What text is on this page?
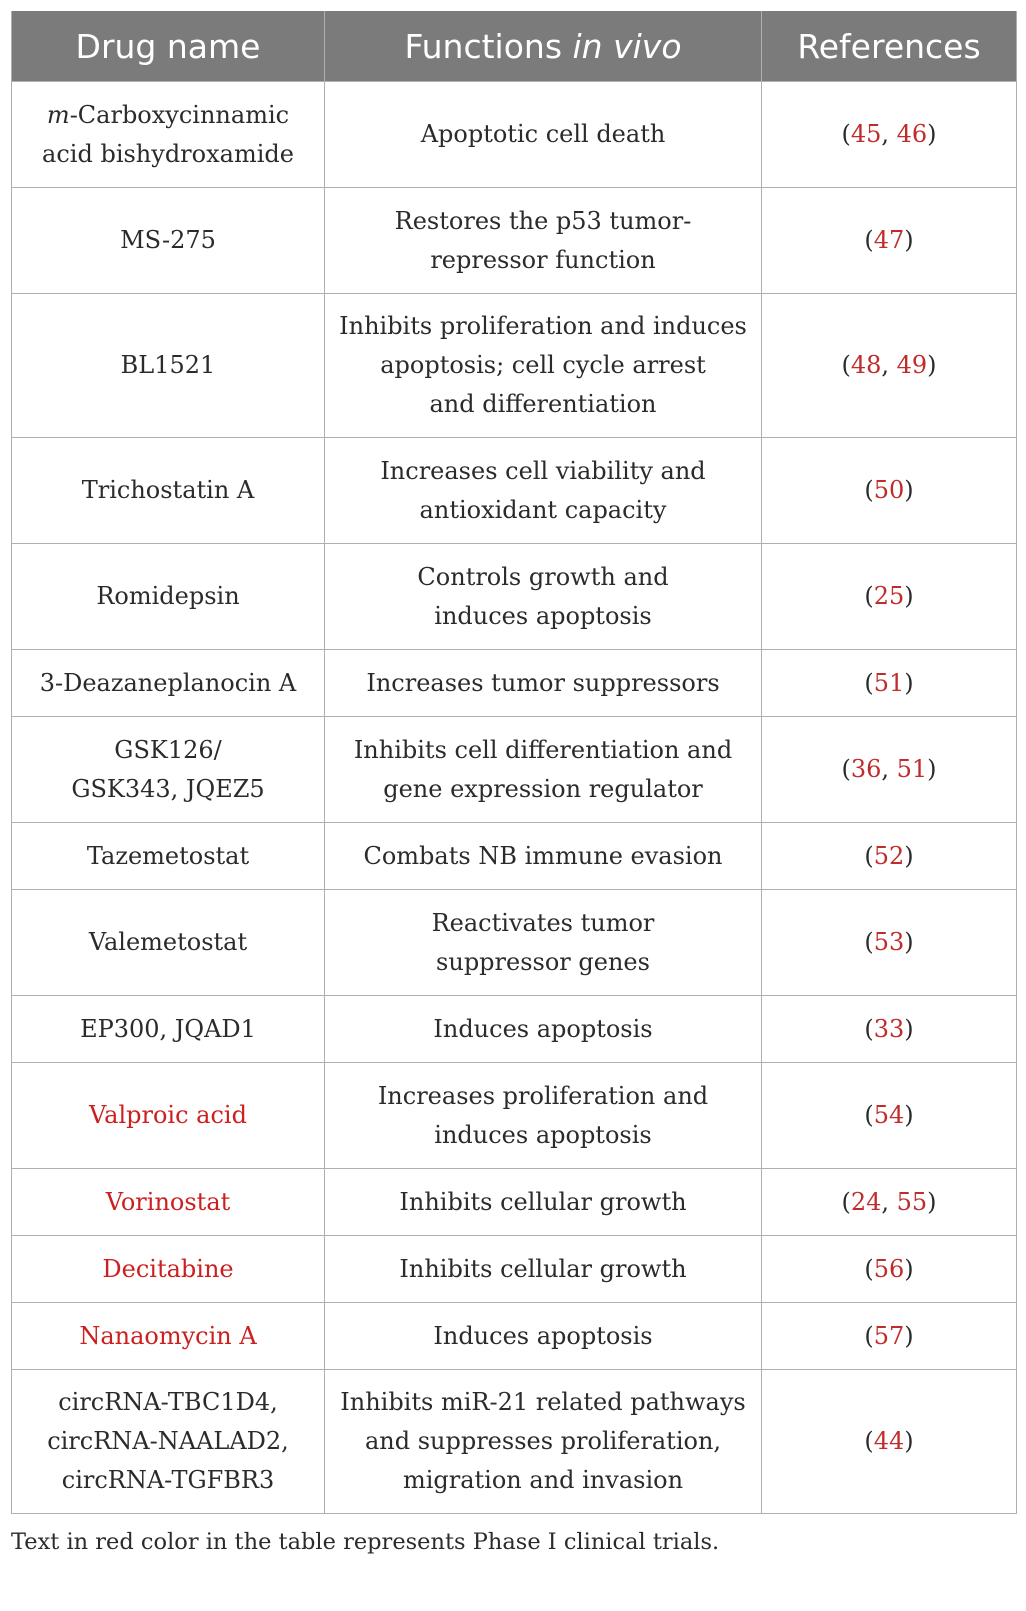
Drug name	Functions in vivo	References

m-Carboxycinnamic
acid bishydroxamide	Apoptotic cell death	(45, 46)

MS-275	Restores the p53 tumor-
repressor function	(47)

BL1521	Inhibits proliferation and induces
apoptosis; cell cycle arrest
and differentiation	(48, 49)

Trichostatin A	Increases cell viability and
antioxidant capacity	(50)

Romidepsin	Controls growth and
induces apoptosis	(25)

3-Deazaneplanocin A	Increases tumor suppressors	(51)

GSK126/
GSK343, JQEZ5	Inhibits cell differentiation and
gene expression regulator	(36, 51)

Tazemetostat	Combats NB immune evasion	(52)

Valemetostat	Reactivates tumor
suppressor genes	(53)

EP300, JQAD1	Induces apoptosis	(33)

Valproic acid	Increases proliferation and
induces apoptosis	(54)

Vorinostat	Inhibits cellular growth	(24, 55)

Decitabine	Inhibits cellular growth	(56)

Nanaomycin A	Induces apoptosis	(57)

circRNA-TBC1D4,
circRNA-NAALAD2,
circRNA-TGFBR3	Inhibits miR-21 related pathways
and suppresses proliferation,
migration and invasion	(44)
Text in red color in the table represents Phase I clinical trials.
